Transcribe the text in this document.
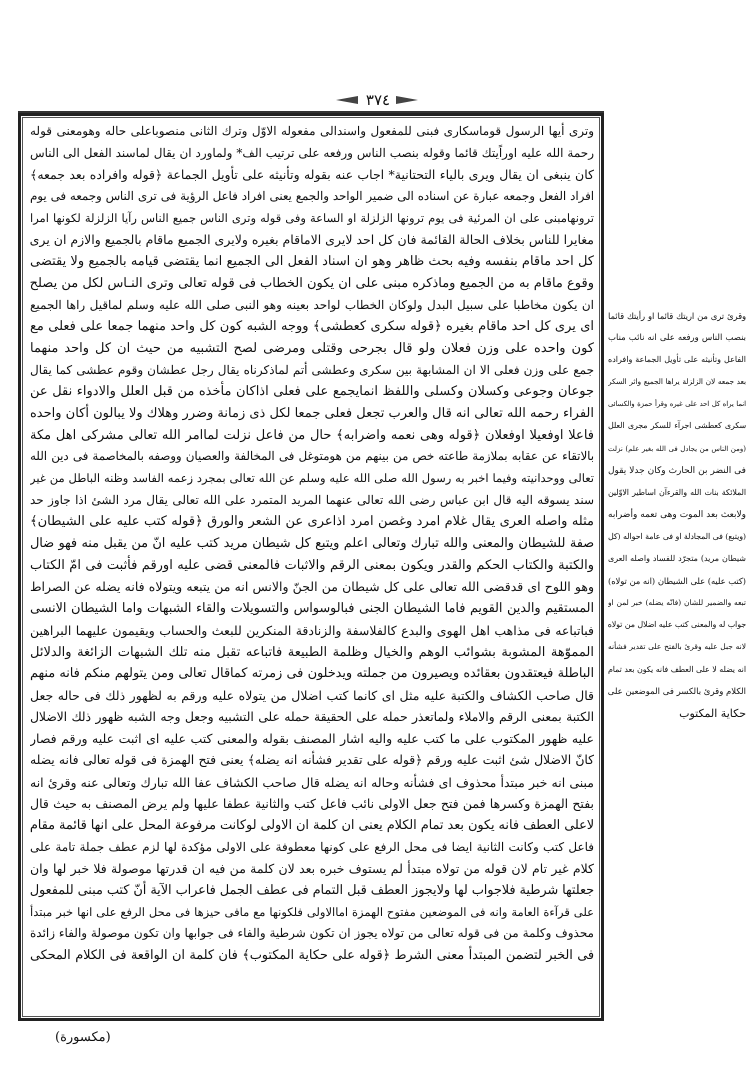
٣٧٤
وترى أيها الرسول قوماسكارى فبنى للمفعول واسندالى مفعوله الاوّل وترك الثانى منصوباعلى حاله وهومعنى قوله
رحمة الله عليه اوراًيتك قائما وقوله بنصب الناس ورفعه على ترتيب الف* ولماورد ان يقال لماسند الفعل الى الناس
كان ينبغى ان يقال ويرى بالياء التحتانية* اجاب عنه بقوله وتأنيثه على تأويل الجماعة ﴿قوله وافراده بعد جمعه﴾
افراد الفعل وجمعه عبارة عن اسناده الى ضمير الواحد والجمع يعنى افراد فاعل الرؤية فى ترى الناس وجمعه فى يوم
ترونهامبنى على ان المرئية فى يوم ترونها الزلزلة او الساعة وفى قوله وترى الناس جميع الناس رآيا الزلزلة لكونها امرا
مغايرا للناس بخلاف الحالة القائمة فان كل احد لايرى الاماقام بغيره ولايرى الجميع ماقام بالجميع والازم ان يرى
كل احد ماقام بنفسه وفيه بحث ظاهر وهو ان اسناد الفعل الى الجميع انما يقتضى قيامه بالجميع ولا يقتضى
وقوع ماقام به من الجميع وماذكره مبنى على ان يكون الخطاب فى قوله تعالى وترى النـاس لكل من يصلح
ان يكون مخاطبا على سبيل البدل ولوكان الخطاب لواحد بعينه وهو النبى صلى الله عليه وسلم لماقيل راها الجميع
اى يرى كل احد ماقام بغيره ﴿قوله سكرى كعطشى﴾ ووجه الشبه كون كل واحد منهما جمعا على فعلى مع
كون واحده على وزن فعلان ولو قال بجرحى وقتلى ومرضى لصح التشبيه من حيث ان كل واحد منهما
جمع على وزن فعلى الا ان المشابهة بين سكرى وعطشى أتم لماذكرناه يقال رجل عطشان وقوم عطشى كما يقال
جوعان وجوعى وكسلان وكسلى واللفظ انمايجمع على فعلى اذاكان مأخذه من قبل العلل والادواء نقل عن
الفراء رحمه الله تعالى انه قال والعرب تجعل فعلى جمعا لكل ذى زمانة وضرر وهلاك ولا يبالون أكان واحده
فاعلا اوفعيلا اوفعلان ﴿قوله وهى نعمه واضرابه﴾ حال من فاعل نزلت لماامر الله تعالى مشركى اهل مكة
بالاتقاء عن عقابه بملازمة طاعته خص من بينهم من هومتوغل فى المخالفة والعصيان ووصفه بالمخاصمة فى دين الله
تعالى ووحدانيته وفيما اخبر به رسول الله صلى الله عليه وسلم عن الله تعالى بمجرد زعمه الفاسد وظنه الباطل من غير
سند يسوقه اليه قال ابن عباس رضى الله تعالى عنهما المريد المتمرد على الله تعالى يقال مرد الشئ اذا جاوز حد
مثله واصله العرى يقال غلام امرد وغصن امرد اذاعرى عن الشعر والورق ﴿قوله كتب عليه على الشيطان﴾
صفة للشيطان والمعنى والله تبارك وتعالى اعلم ويتبع كل شيطان مريد كتب عليه انّ من يقبل منه فهو ضال
والكتبة والكتاب الحكم والقدر ويكون بمعنى الرقم والاثبات فالمعنى قضى عليه اورقم فأثبت فى امّ الكتاب
وهو اللوح اى قدقضى الله تعالى على كل شيطان من الجنّ والانس انه من يتبعه ويتولاه فانه يضله عن الصراط
المستقيم والدين القويم فاما الشيطان الجنى فبالوسواس والتسويلات والقاء الشبهات واما الشيطان الانسى
فباتباعه فى مذاهب اهل الهوى والبدع كالفلاسفة والزنادقة المنكرين للبعث والحساب ويقيمون عليهما البراهين
المموّهة المشوبة بشوائب الوهم والخيال وظلمة الطبيعة فاتباعه تقبل منه تلك الشبهات الزائغة والدلائل
الباطلة فيعتقدون بعقائده ويصيرون من جملته ويدخلون فى زمرته كماقال تعالى ومن يتولهم منكم فانه منهم
قال صاحب الكشاف والكتبة عليه مثل اى كانما كتب اضلال من يتولاه عليه ورقم به لظهور ذلك فى حاله جعل
الكتبة بمعنى الرقم والاملاء ولماتعذر حمله على الحقيقة حمله على التشبيه وجعل وجه الشبه ظهور ذلك الاضلال
عليه ظهور المكتوب على ما كتب عليه واليه اشار المصنف بقوله والمعنى كتب عليه اى اثبت عليه ورقم فصار
كانّ الاضلال شئ اثبت عليه ورقم ﴿قوله على تقدير فشأنه انه يضله﴾ يعنى فتح الهمزة فى قوله تعالى فانه يضله
مبنى انه خبر مبتدأ محذوف اى فشأنه وحاله انه يضله قال صاحب الكشاف عفا الله تبارك وتعالى عنه وقرئ انه
بفتح الهمزة وكسرها فمن فتح جعل الاولى نائب فاعل كتب والثانية عطفا عليها ولم يرض المصنف به حيث قال
لاعلى العطف فانه يكون بعد تمام الكلام يعنى ان كلمة ان الاولى لوكانت مرفوعة المحل على انها قائمة مقام
فاعل كتب وكانت الثانية ايضا فى محل الرفع على كونها معطوفة على الاولى مؤكدة لها لزم عطف جملة تامة على
كلام غير تام لان قوله من تولاه مبتدأ لم يستوف خبره بعد لان كلمة من فيه ان قدرتها موصولة فلا خبر لها وان
جعلتها شرطية فلاجواب لها ولايجوز العطف قبل التمام فى عطف الجمل فاعراب الآية أنّ كتب مبنى للمفعول
على قرآءة العامة وانه فى الموضعين مفتوح الهمزة اماالاولى فلكونها مع مافى حيزها فى محل الرفع على انها خبر مبتدأ
محذوف وكلمة من فى قوله تعالى من تولاه يجوز ان تكون شرطية والفاء فى جوابها وان تكون موصولة والفاء زائدة
فى الخبر لتضمن المبتدأ معنى الشرط ﴿قوله على حكاية المكتوب﴾ فان كلمة ان الواقعة فى الكلام المحكى
وقرئ ترى من اريتك قائما او رأيتك قائما
بنصب الناس ورفعه على انه نائب مناب
الفاعل وتأنيثه على تأويل الجماعة وافراده
بعد جمعه لان الزلزلة يراها الجميع واثر السكر
انما يراه كل احد على غيره وقرأ حمزة والكسائى
سكرى كعطشى اجرآء للسكر مجرى العلل
(ومن الناس من يجادل فى الله بغير علم) نزلت
فى النضر بن الحارث وكان جدلا يقول
الملائكة بنات الله والقرءآن اساطير الاوّلين
ولابعث بعد الموت وهى تعمه وأضرابه
(ويتبع) فى المجادلة او فى عامة احواله (كل
شيطان مريد) متجرّد للفساد واصله العرى
(كتب عليه) على الشيطان (انه من تولاه)
تبعه والضمير للشان (فانّه يضله) خبر لمن او
جواب له والمعنى كتب عليه اضلال من تولاه
لانه جبل عليه وقرئ بالفتح على تقدير فشأنه
انه يضله لا على العطف فانه يكون بعد تمام
الكلام وقرئ بالكسر فى الموضعين على
حكاية المكتوب
(مكسورة)
